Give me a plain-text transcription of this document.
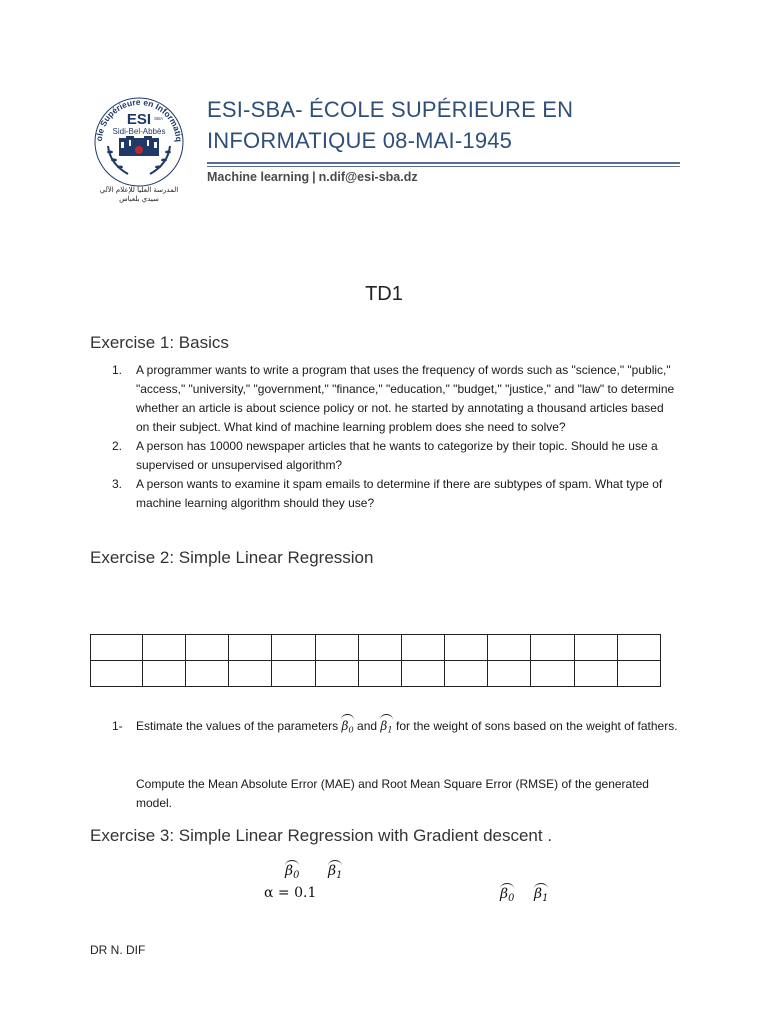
ole Supérieure en Informatiq
ESI SBA
Sidi-Bel-Abbès
المدرسة العليا للإعلام الآلي
سيدي بلعباس
ESI-SBA- ÉCOLE SUPÉRIEURE EN
INFORMATIQUE 08-MAI-1945
Machine learning | n.dif@esi-sba.dz
TD1
Exercise 1: Basics
1.	A programmer wants to write a program that uses the frequency of words such as "science," "public," "access," "university," "government," "finance," "education," "budget," "justice," and "law" to determine whether an article is about science policy or not. he started by annotating a thousand articles based on their subject. What kind of machine learning problem does she need to solve?
2.	A person has 10000 newspaper articles that he wants to categorize by their topic. Should he use a supervised or unsupervised algorithm?
3.	A person wants to examine it spam emails to determine if there are subtypes of spam. What type of machine learning algorithm should they use?
Exercise 2: Simple Linear Regression

1- Estimate the values of the parameters $\beta_0$ and $\beta_1$ for the weight of sons based on the weight of fathers.
Compute the Mean Absolute Error (MAE) and Root Mean Square Error (RMSE) of the generated model.
Exercise 3: Simple Linear Regression with Gradient descent .
$\beta_0$ $\beta_1$
α = 0.1	$\beta_0$ $\beta_1$
DR N. DIF
